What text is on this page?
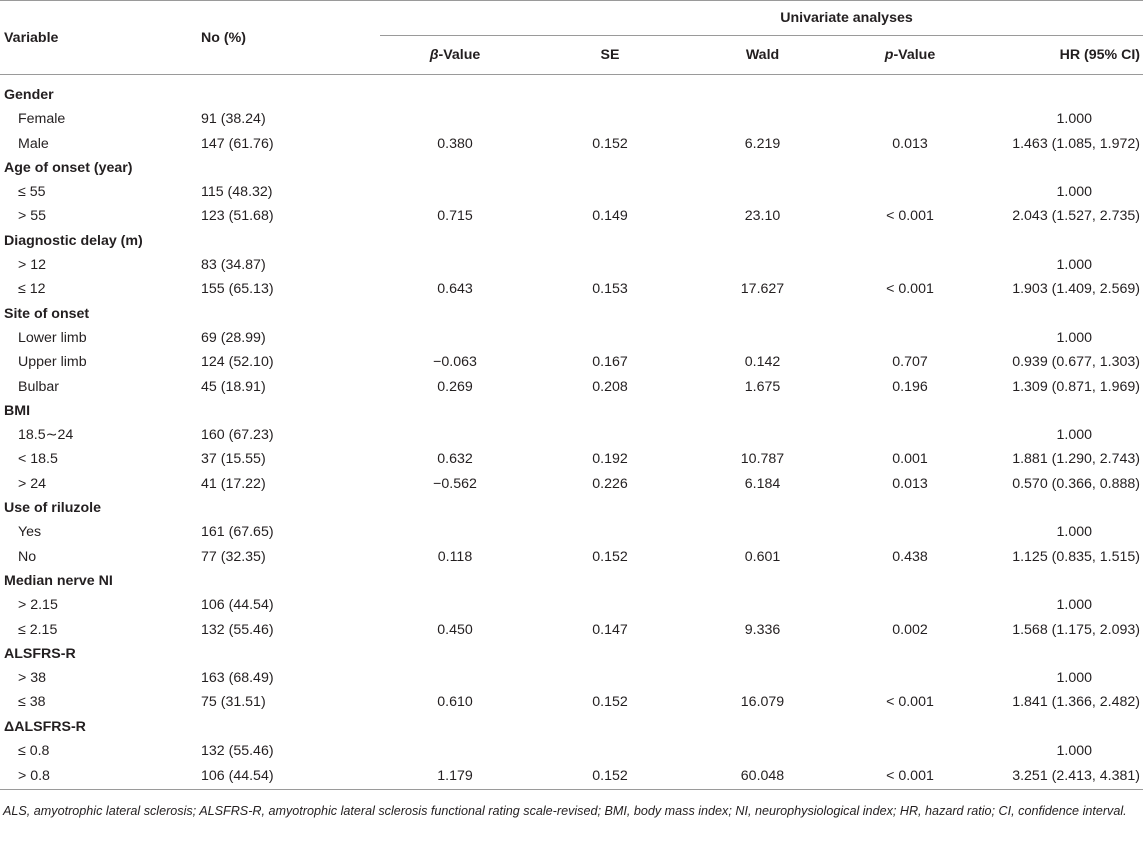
Variable	No (%)	Univariate analyses				
		β-Value	SE	Wald	p-Value	HR (95% CI)
Gender						
Female	91 (38.24)					1.000
Male	147 (61.76)	0.380	0.152	6.219	0.013	1.463 (1.085, 1.972)
Age of onset (year)						
≤ 55	115 (48.32)					1.000
> 55	123 (51.68)	0.715	0.149	23.10	< 0.001	2.043 (1.527, 2.735)
Diagnostic delay (m)						
> 12	83 (34.87)					1.000
≤ 12	155 (65.13)	0.643	0.153	17.627	< 0.001	1.903 (1.409, 2.569)
Site of onset						
Lower limb	69 (28.99)					1.000
Upper limb	124 (52.10)	−0.063	0.167	0.142	0.707	0.939 (0.677, 1.303)
Bulbar	45 (18.91)	0.269	0.208	1.675	0.196	1.309 (0.871, 1.969)
BMI						
18.5∼24	160 (67.23)					1.000
< 18.5	37 (15.55)	0.632	0.192	10.787	0.001	1.881 (1.290, 2.743)
> 24	41 (17.22)	−0.562	0.226	6.184	0.013	0.570 (0.366, 0.888)
Use of riluzole						
Yes	161 (67.65)					1.000
No	77 (32.35)	0.118	0.152	0.601	0.438	1.125 (0.835, 1.515)
Median nerve NI						
> 2.15	106 (44.54)					1.000
≤ 2.15	132 (55.46)	0.450	0.147	9.336	0.002	1.568 (1.175, 2.093)
ALSFRS-R						
> 38	163 (68.49)					1.000
≤ 38	75 (31.51)	0.610	0.152	16.079	< 0.001	1.841 (1.366, 2.482)
ΔALSFRS-R						
≤ 0.8	132 (55.46)					1.000
> 0.8	106 (44.54)	1.179	0.152	60.048	< 0.001	3.251 (2.413, 4.381)
ALS, amyotrophic lateral sclerosis; ALSFRS-R, amyotrophic lateral sclerosis functional rating scale-revised; BMI, body mass index; NI, neurophysiological index; HR, hazard ratio; CI, confidence interval.
